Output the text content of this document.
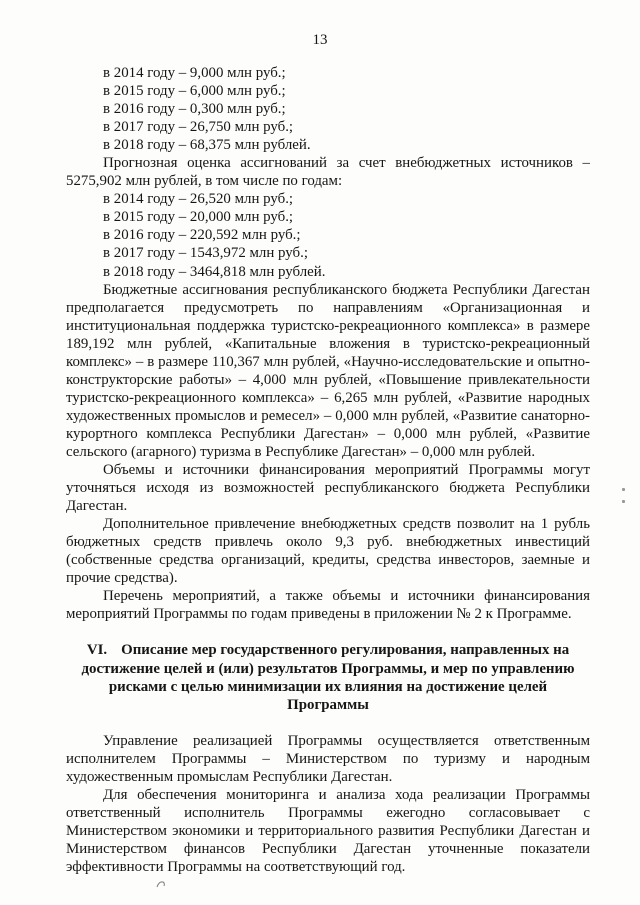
13
в 2014 году – 9,000 млн руб.;
в 2015 году – 6,000 млн руб.;
в 2016 году – 0,300 млн руб.;
в 2017 году – 26,750 млн руб.;
в 2018 году – 68,375 млн рублей.
Прогнозная оценка ассигнований за счет внебюджетных источников – 5275,902 млн рублей, в том числе по годам:
в 2014 году – 26,520 млн руб.;
в 2015 году – 20,000 млн руб.;
в 2016 году – 220,592 млн руб.;
в 2017 году – 1543,972 млн руб.;
в 2018 году – 3464,818 млн рублей.
Бюджетные ассигнования республиканского бюджета Республики Дагестан предполагается предусмотреть по направлениям «Организационная и институциональная поддержка туристско-рекреационного комплекса» в размере 189,192 млн рублей, «Капитальные вложения в туристско-рекреационный комплекс» – в размере 110,367 млн рублей, «Научно-исследовательские и опытно-конструкторские работы» – 4,000 млн рублей, «Повышение привлекательности туристско-рекреационного комплекса» – 6,265 млн рублей, «Развитие народных художественных промыслов и ремесел» – 0,000 млн рублей, «Развитие санаторно-курортного комплекса Республики Дагестан» – 0,000 млн рублей, «Развитие сельского (агарного) туризма в Республике Дагестан» – 0,000 млн рублей.
Объемы и источники финансирования мероприятий Программы могут уточняться исходя из возможностей республиканского бюджета Республики Дагестан.
Дополнительное привлечение внебюджетных средств позволит на 1 рубль бюджетных средств привлечь около 9,3 руб. внебюджетных инвестиций (собственные средства организаций, кредиты, средства инвесторов, заемные и прочие средства).
Перечень мероприятий, а также объемы и источники финансирования мероприятий Программы по годам приведены в приложении № 2 к Программе.
VI. Описание мер государственного регулирования, направленных на достижение целей и (или) результатов Программы, и мер по управлению рисками с целью минимизации их влияния на достижение целей Программы
Управление реализацией Программы осуществляется ответственным исполнителем Программы – Министерством по туризму и народным художественным промыслам Республики Дагестан.
Для обеспечения мониторинга и анализа хода реализации Программы ответственный исполнитель Программы ежегодно согласовывает с Министерством экономики и территориального развития Республики Дагестан и Министерством финансов Республики Дагестан уточненные показатели эффективности Программы на соответствующий год.
